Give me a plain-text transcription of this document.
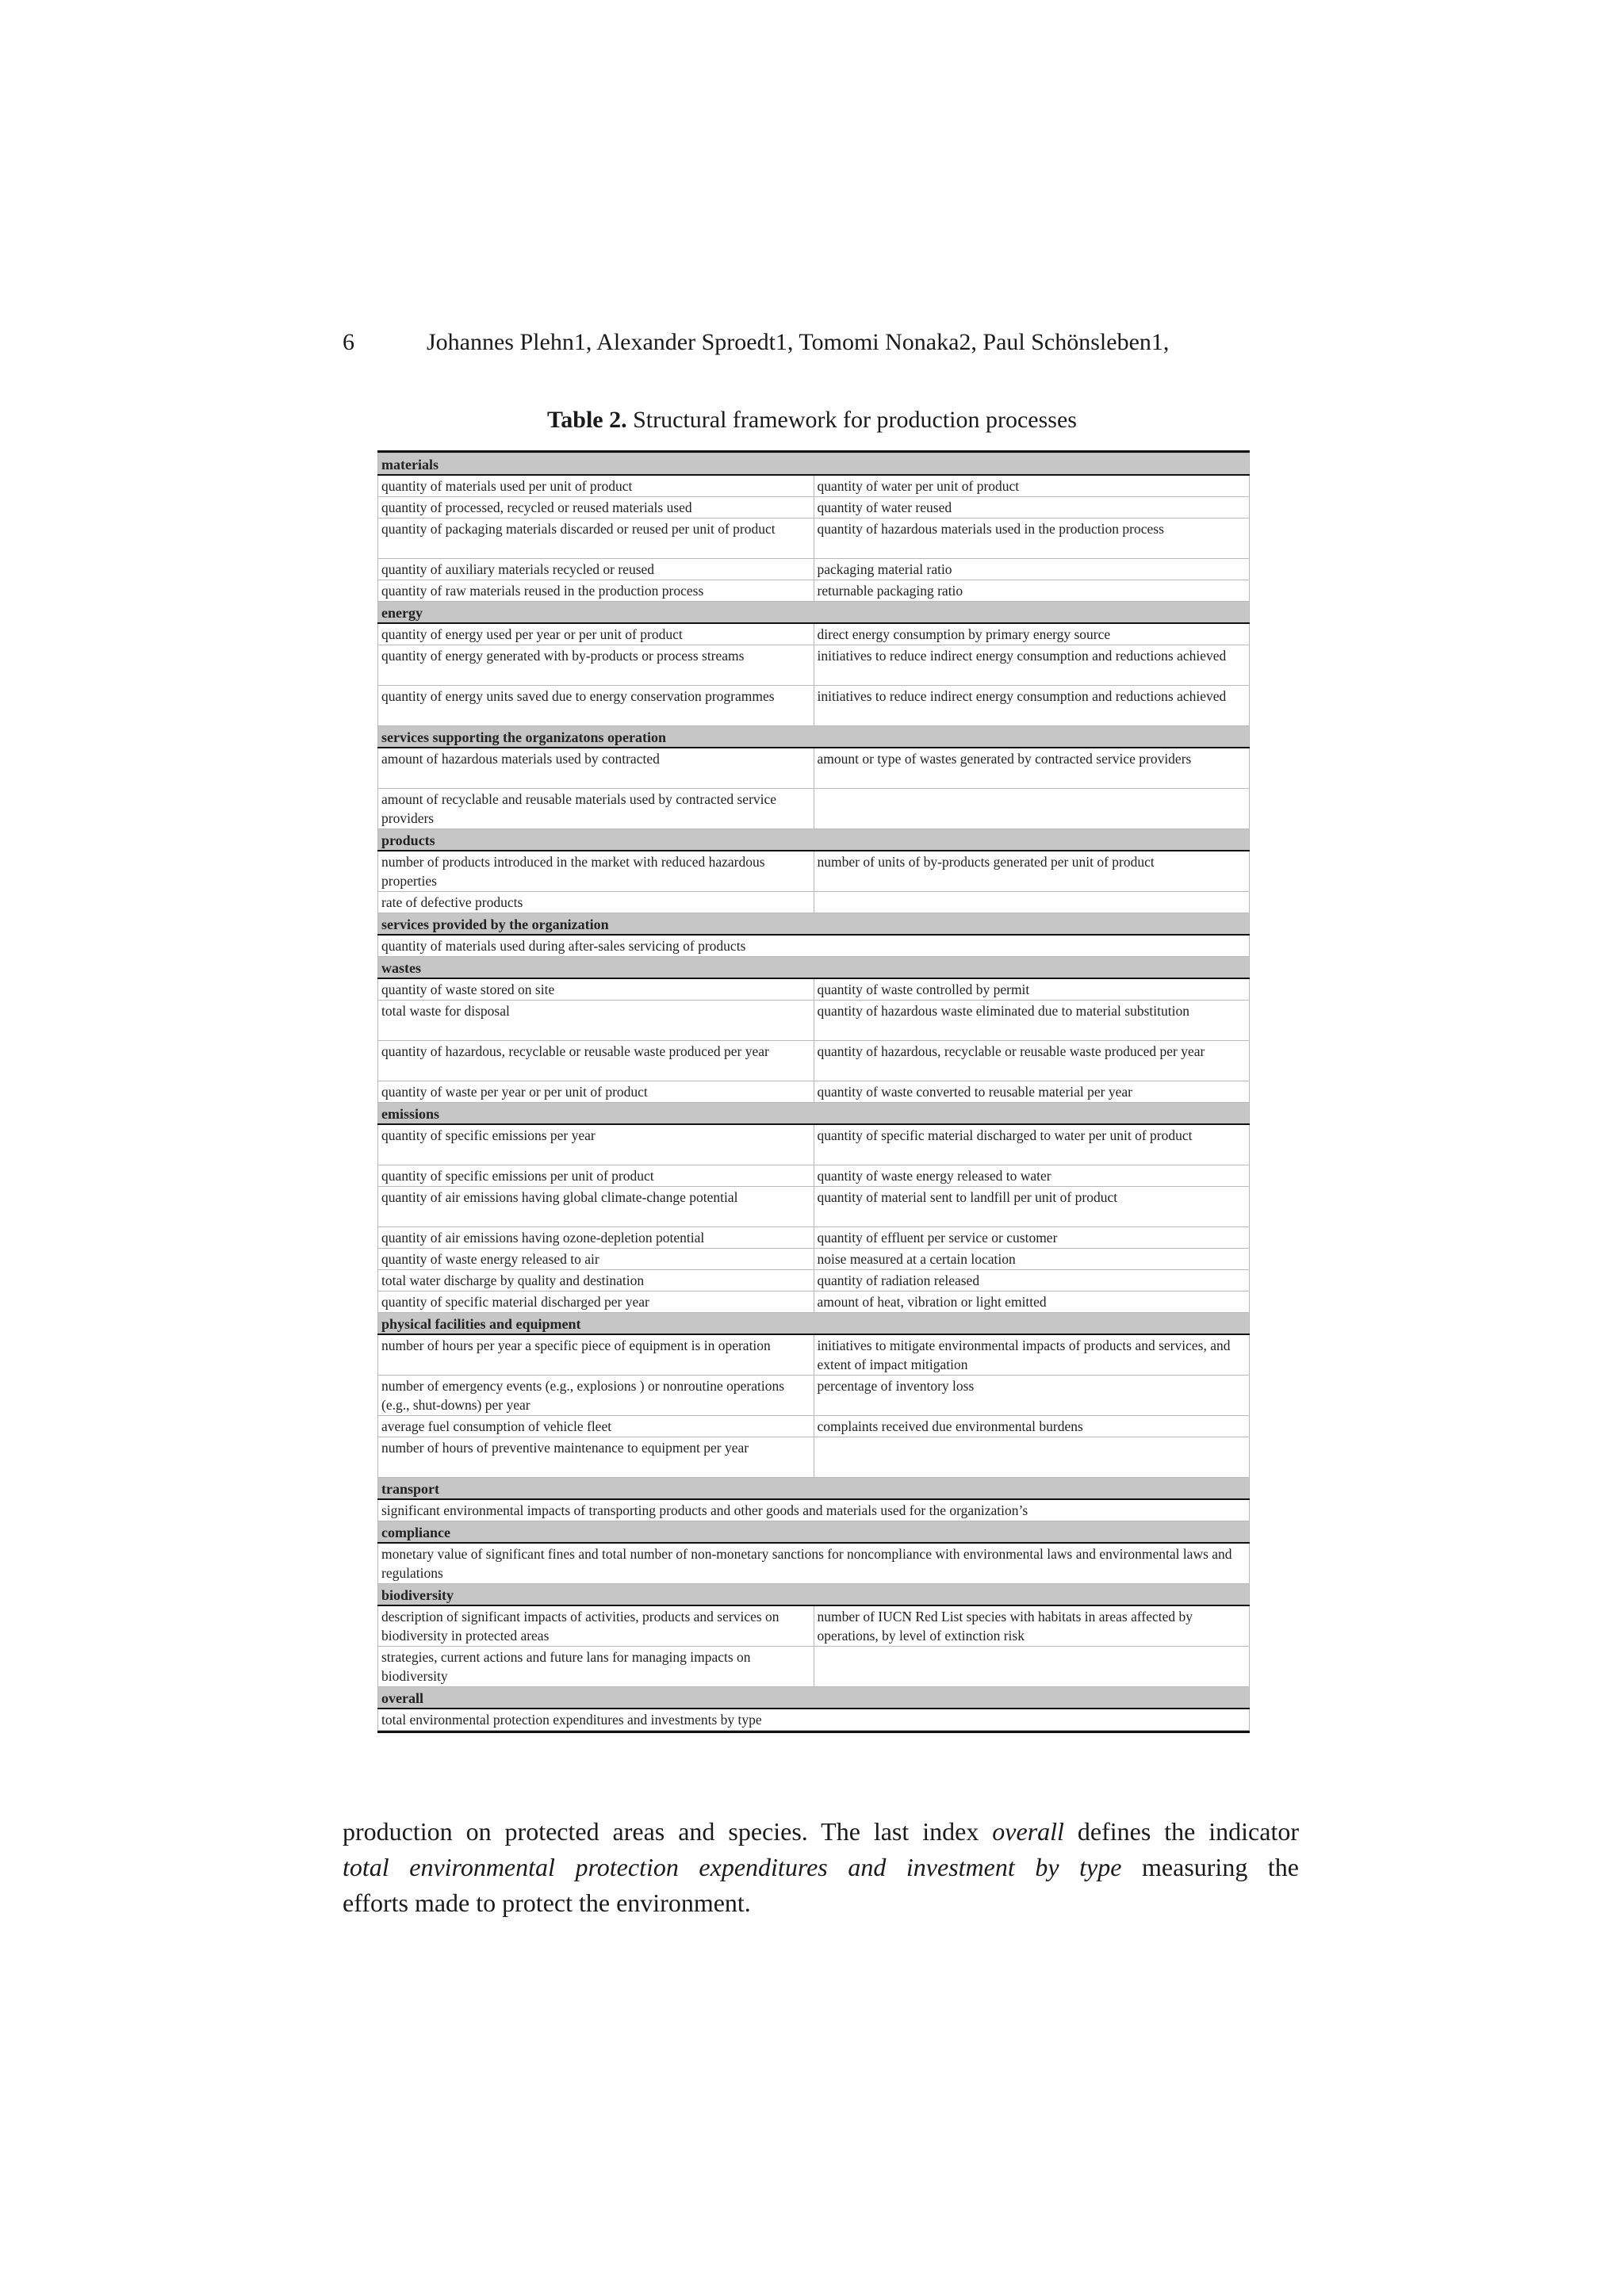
6	Johannes Plehn1, Alexander Sproedt1, Tomomi Nonaka2, Paul Schönsleben1,
Table 2. Structural framework for production processes
materials	
quantity of materials used per unit of product	quantity of water per unit of product
quantity of processed, recycled or reused materials used	quantity of water reused
quantity of packaging materials discarded or reused per unit of product	quantity of hazardous materials used in the production process
quantity of auxiliary materials recycled or reused	packaging material ratio
quantity of raw materials reused in the production process	returnable packaging ratio
energy	
quantity of energy used per year or per unit of product	direct energy consumption by primary energy source
quantity of energy generated with by-products or process streams	initiatives to reduce indirect energy consumption and reductions achieved
quantity of energy units saved due to energy conservation programmes	initiatives to reduce indirect energy consumption and reductions achieved
services supporting the organizatons operation	
amount of hazardous materials used by contracted	amount or type of wastes generated by contracted service providers
amount of recyclable and reusable materials used by contracted service providers	
products	
number of products introduced in the market with reduced hazardous properties	number of units of by-products generated per unit of product
rate of defective products	
services provided by the organization	
quantity of materials used during after-sales servicing of products	
wastes	
quantity of waste stored on site	quantity of waste controlled by permit
total waste for disposal	quantity of hazardous waste eliminated due to material substitution
quantity of hazardous, recyclable or reusable waste produced per year	quantity of hazardous, recyclable or reusable waste produced per year
quantity of waste per year or per unit of product	quantity of waste converted to reusable material per year
emissions	
quantity of specific emissions per year	quantity of specific material discharged to water per unit of product
quantity of specific emissions per unit of product	quantity of waste energy released to water
quantity of air emissions having global climate-change potential	quantity of material sent to landfill per unit of product
quantity of air emissions having ozone-depletion potential	quantity of effluent per service or customer
quantity of waste energy released to air	noise measured at a certain location
total water discharge by quality and destination	quantity of radiation released
quantity of specific material discharged per year	amount of heat, vibration or light emitted
physical facilities and equipment	
number of hours per year a specific piece of equipment is in operation	initiatives to mitigate environmental impacts of products and services, and extent of impact mitigation
number of emergency events (e.g., explosions ) or nonroutine operations (e.g., shut-downs) per year	percentage of inventory loss
average fuel consumption of vehicle fleet	complaints received due environmental burdens
number of hours of preventive maintenance to equipment per year	
transport	
significant environmental impacts of transporting products and other goods and materials used for the organization’s	
compliance	
monetary value of significant fines and total number of non-monetary sanctions for noncompliance with environmental laws and environmental laws and regulations	
biodiversity	
description of significant impacts of activities, products and services on biodiversity in protected areas	number of IUCN Red List species with habitats in areas affected by operations, by level of extinction risk
strategies, current actions and future lans for managing impacts on biodiversity	
overall	
total environmental protection expenditures and investments by type	

production on protected areas and species. The last index overall defines the indicator
total environmental protection expenditures and investment by type measuring the
efforts made to protect the environment.
